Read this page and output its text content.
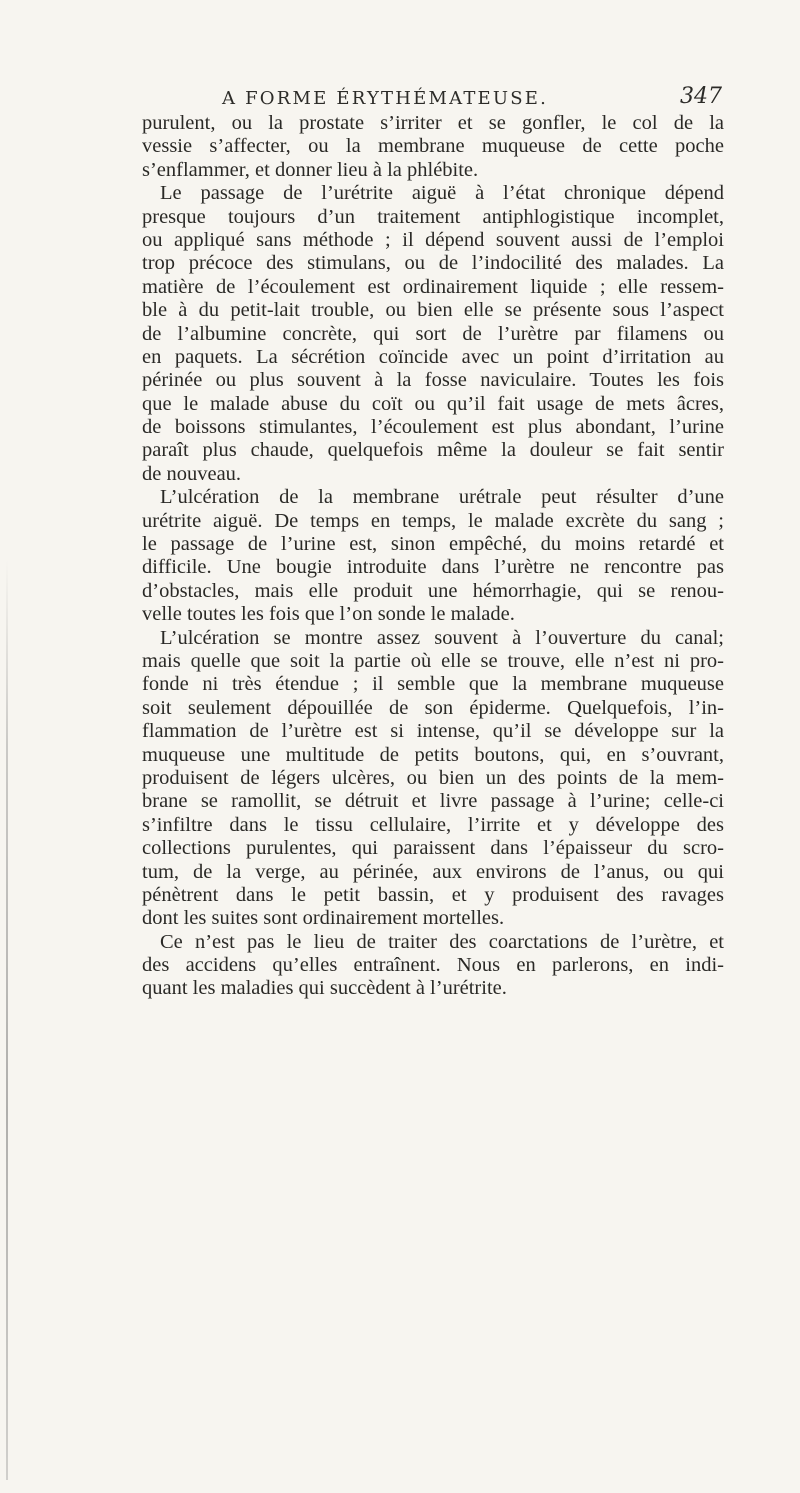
A FORME ÉRYTHÉMATEUSE.	347
purulent, ou la prostate s’irriter et se gonfler, le col de la
vessie s’affecter, ou la membrane muqueuse de cette poche
s’enflammer, et donner lieu à la phlébite.
Le passage de l’urétrite aiguë à l’état chronique dépend
presque toujours d’un traitement antiphlogistique incomplet,
ou appliqué sans méthode ; il dépend souvent aussi de l’emploi
trop précoce des stimulans, ou de l’indocilité des malades. La
matière de l’écoulement est ordinairement liquide ; elle ressem-
ble à du petit-lait trouble, ou bien elle se présente sous l’aspect
de l’albumine concrète, qui sort de l’urètre par filamens ou
en paquets. La sécrétion coïncide avec un point d’irritation au
périnée ou plus souvent à la fosse naviculaire. Toutes les fois
que le malade abuse du coït ou qu’il fait usage de mets âcres,
de boissons stimulantes, l’écoulement est plus abondant, l’urine
paraît plus chaude, quelquefois même la douleur se fait sentir
de nouveau.
L’ulcération de la membrane urétrale peut résulter d’une
urétrite aiguë. De temps en temps, le malade excrète du sang ;
le passage de l’urine est, sinon empêché, du moins retardé et
difficile. Une bougie introduite dans l’urètre ne rencontre pas
d’obstacles, mais elle produit une hémorrhagie, qui se renou-
velle toutes les fois que l’on sonde le malade.
L’ulcération se montre assez souvent à l’ouverture du canal;
mais quelle que soit la partie où elle se trouve, elle n’est ni pro-
fonde ni très étendue ; il semble que la membrane muqueuse
soit seulement dépouillée de son épiderme. Quelquefois, l’in-
flammation de l’urètre est si intense, qu’il se développe sur la
muqueuse une multitude de petits boutons, qui, en s’ouvrant,
produisent de légers ulcères, ou bien un des points de la mem-
brane se ramollit, se détruit et livre passage à l’urine; celle-ci
s’infiltre dans le tissu cellulaire, l’irrite et y développe des
collections purulentes, qui paraissent dans l’épaisseur du scro-
tum, de la verge, au périnée, aux environs de l’anus, ou qui
pénètrent dans le petit bassin, et y produisent des ravages
dont les suites sont ordinairement mortelles.
Ce n’est pas le lieu de traiter des coarctations de l’urètre, et
des accidens qu’elles entraînent. Nous en parlerons, en indi-
quant les maladies qui succèdent à l’urétrite.
